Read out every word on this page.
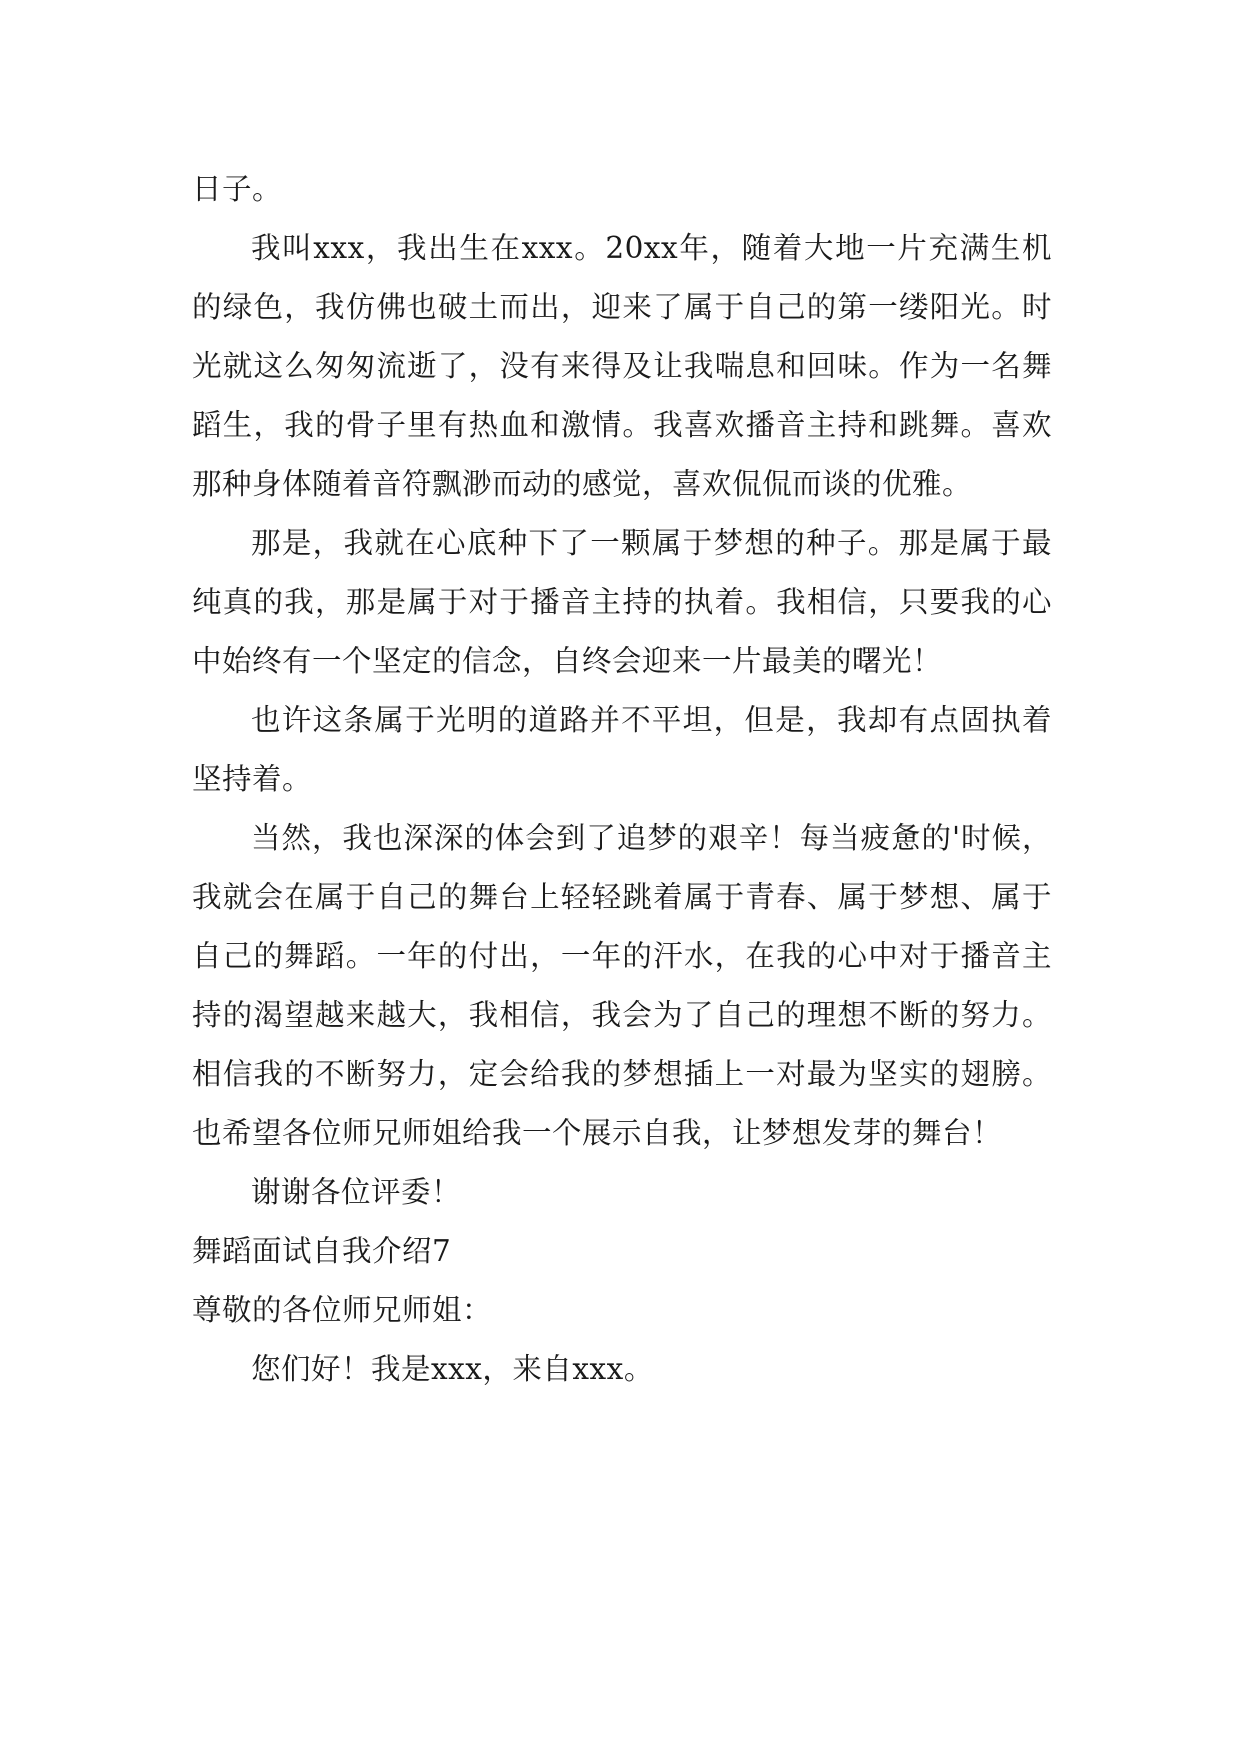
日子。

我叫xxx，我出生在xxx。20xx年，随着大地一片充满生机的绿色，我仿佛也破土而出，迎来了属于自己的第一缕阳光。时光就这么匆匆流逝了，没有来得及让我喘息和回味。作为一名舞蹈生，我的骨子里有热血和激情。我喜欢播音主持和跳舞。喜欢那种身体随着音符飘渺而动的感觉，喜欢侃侃而谈的优雅。

那是，我就在心底种下了一颗属于梦想的种子。那是属于最纯真的我，那是属于对于播音主持的执着。我相信，只要我的心中始终有一个坚定的信念，自终会迎来一片最美的曙光！

也许这条属于光明的道路并不平坦，但是，我却有点固执着坚持着。

当然，我也深深的体会到了追梦的艰辛！每当疲惫的'时候，我就会在属于自己的舞台上轻轻跳着属于青春、属于梦想、属于自己的舞蹈。一年的付出，一年的汗水，在我的心中对于播音主持的渴望越来越大，我相信，我会为了自己的理想不断的努力。相信我的不断努力，定会给我的梦想插上一对最为坚实的翅膀。也希望各位师兄师姐给我一个展示自我，让梦想发芽的舞台！

谢谢各位评委！

舞蹈面试自我介绍7

尊敬的各位师兄师姐：

您们好！我是xxx，来自xxx。
